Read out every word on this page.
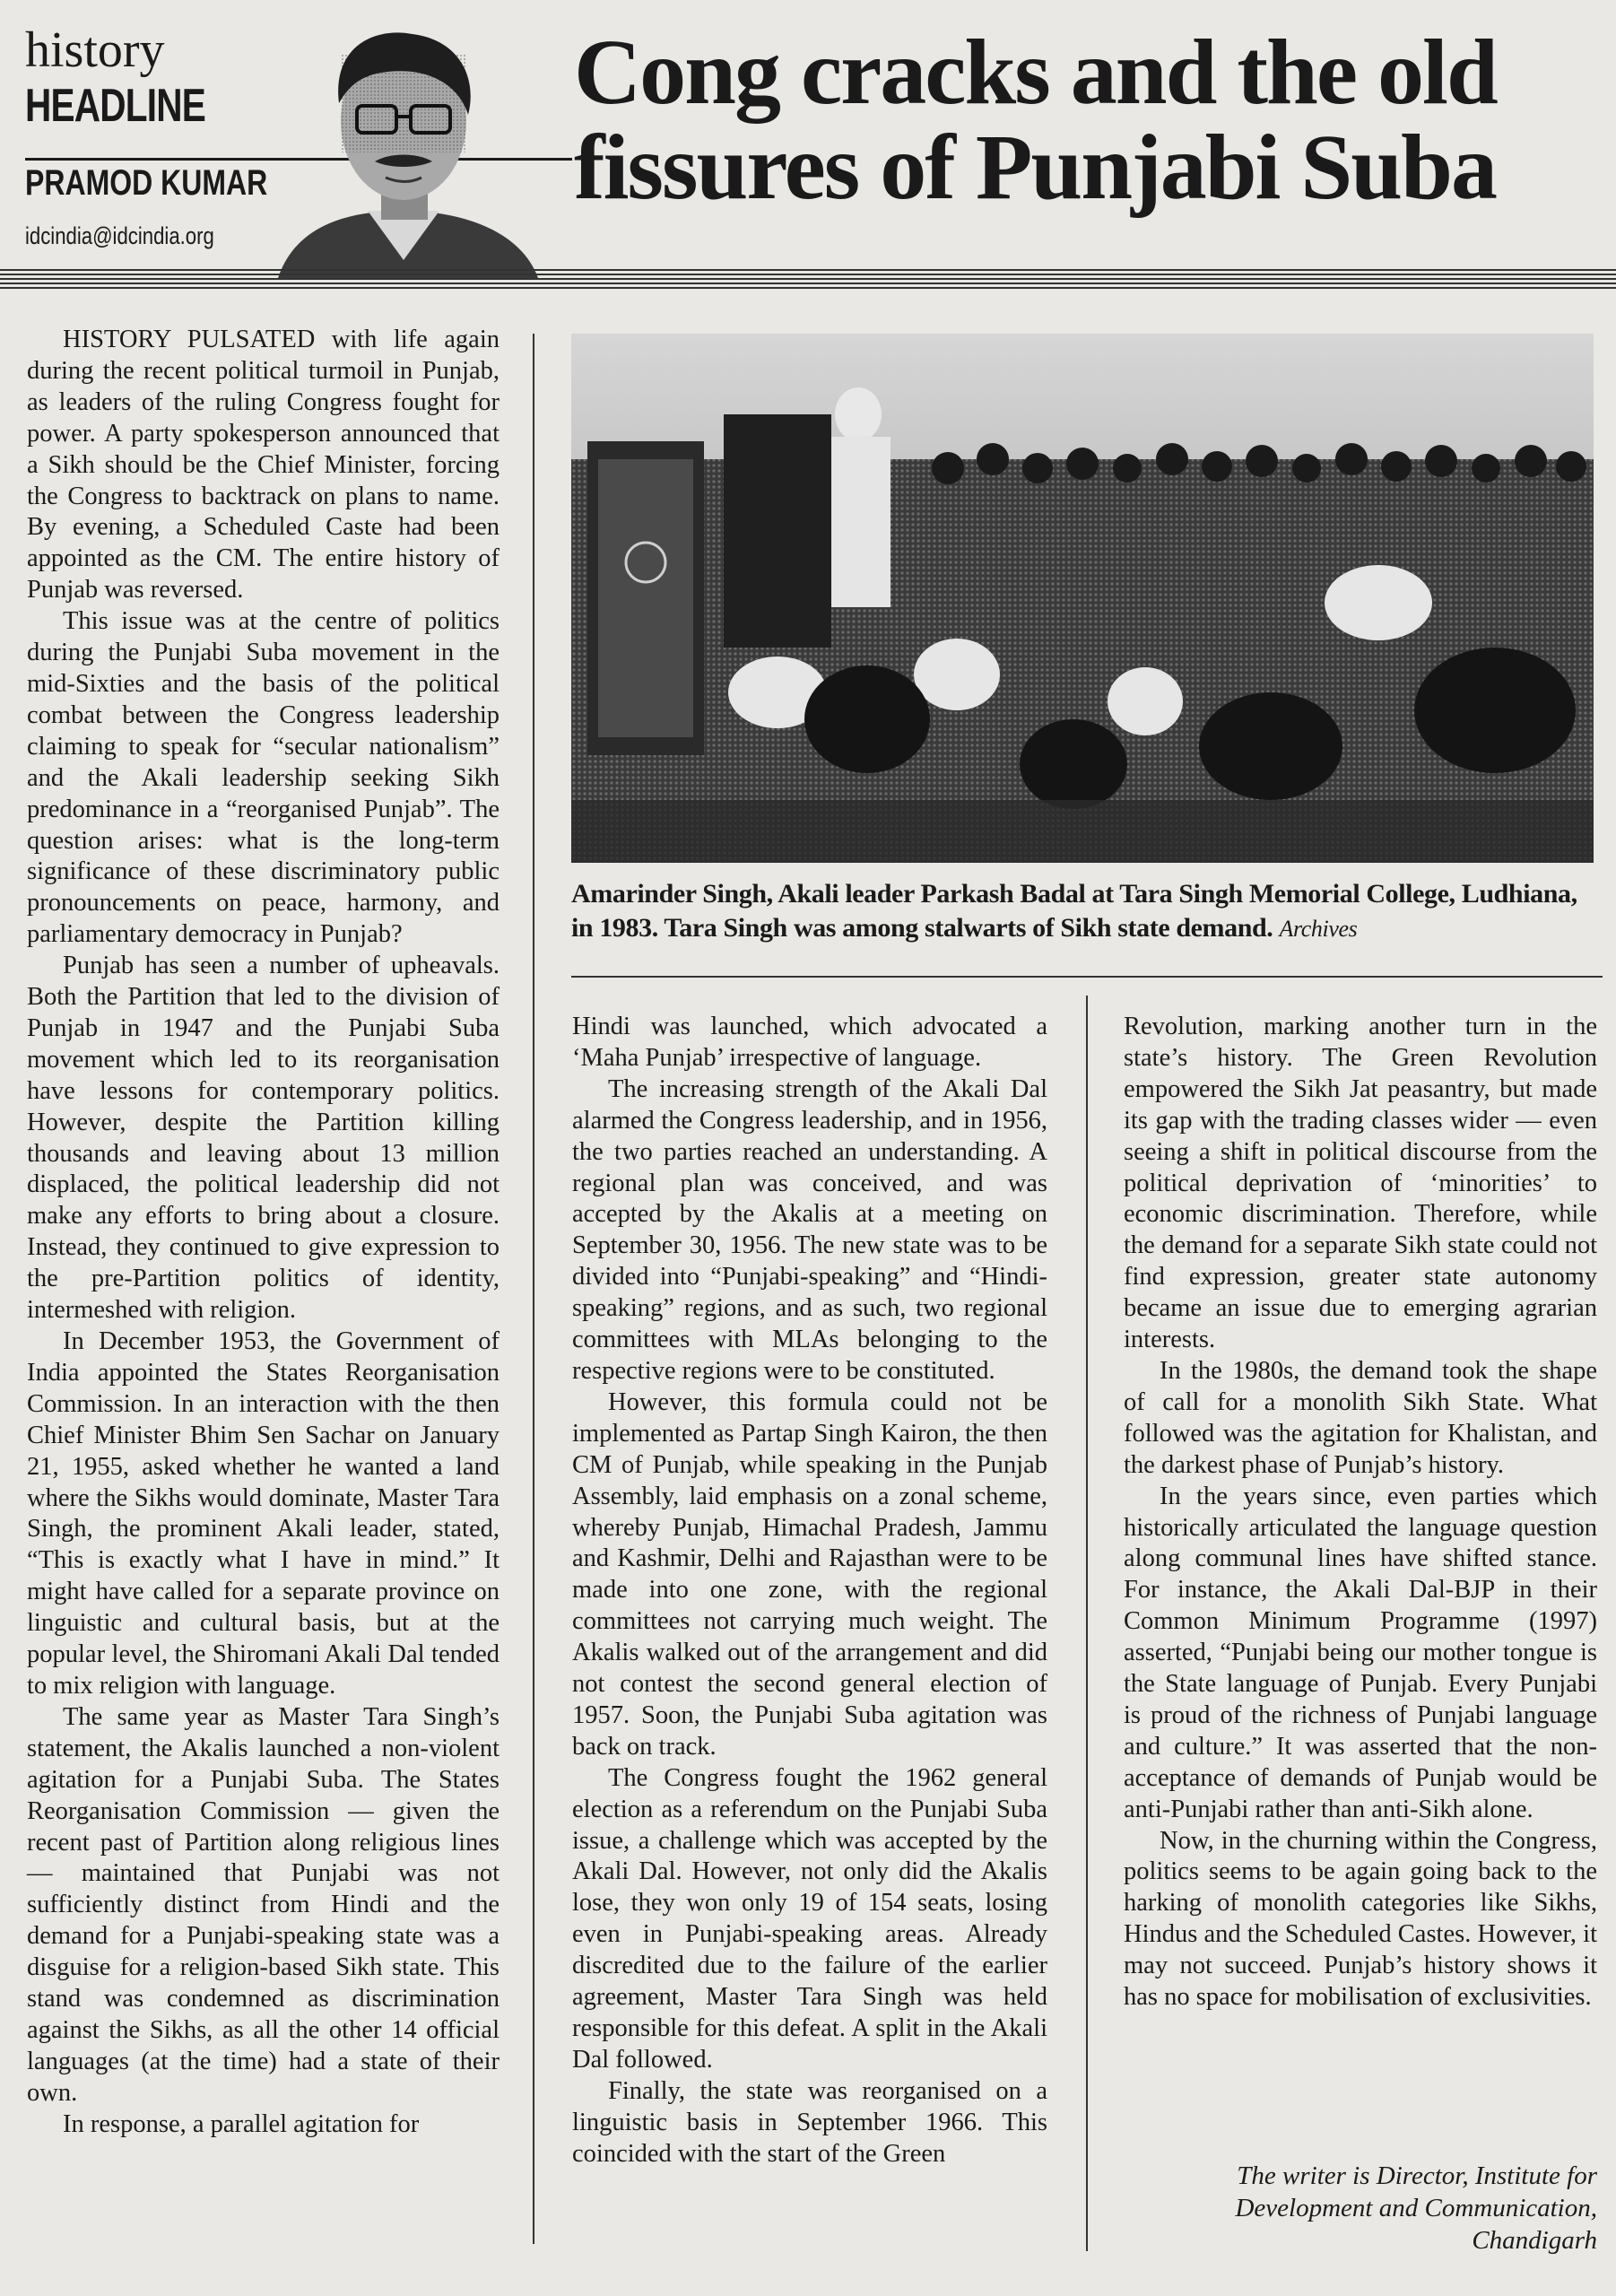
history
HEADLINE
PRAMOD KUMAR
idcindia@idcindia.org
Cong cracks and the old
fissures of Punjabi Suba

HISTORY PULSATED with life again during the recent political turmoil in Punjab, as leaders of the ruling Congress fought for power. A party spokesperson announced that a Sikh should be the Chief Minister, forcing the Congress to backtrack on plans to name. By evening, a Scheduled Caste had been appointed as the CM. The entire history of Punjab was reversed.

This issue was at the centre of politics during the Punjabi Suba movement in the mid-Sixties and the basis of the political combat between the Congress leadership claiming to speak for “secular nationalism” and the Akali leadership seeking Sikh predominance in a “reorganised Punjab”. The question arises: what is the long-term significance of these discriminatory public pronouncements on peace, harmony, and parliamentary democracy in Punjab?

Punjab has seen a number of upheavals. Both the Partition that led to the division of Punjab in 1947 and the Punjabi Suba movement which led to its reorganisation have lessons for contemporary politics. However, despite the Partition killing thousands and leaving about 13 million displaced, the political leadership did not make any efforts to bring about a closure. Instead, they continued to give expression to the pre-Partition politics of identity, intermeshed with religion.

In December 1953, the Government of India appointed the States Reorganisation Commission. In an interaction with the then Chief Minister Bhim Sen Sachar on January 21, 1955, asked whether he wanted a land where the Sikhs would dominate, Master Tara Singh, the prominent Akali leader, stated, “This is exactly what I have in mind.” It might have called for a separate province on linguistic and cultural basis, but at the popular level, the Shiromani Akali Dal tended to mix religion with language.

The same year as Master Tara Singh’s statement, the Akalis launched a non-violent agitation for a Punjabi Suba. The States Reorganisation Commission — given the recent past of Partition along religious lines — maintained that Punjabi was not sufficiently distinct from Hindi and the demand for a Punjabi-speaking state was a disguise for a religion-based Sikh state. This stand was condemned as discrimination against the Sikhs, as all the other 14 official languages (at the time) had a state of their own.

In response, a parallel agitation for

Amarinder Singh, Akali leader Parkash Badal at Tara Singh Memorial College, Ludhiana, in 1983. Tara Singh was among stalwarts of Sikh state demand. Archives

Hindi was launched, which advocated a ‘Maha Punjab’ irrespective of language.

The increasing strength of the Akali Dal alarmed the Congress leadership, and in 1956, the two parties reached an understanding. A regional plan was conceived, and was accepted by the Akalis at a meeting on September 30, 1956. The new state was to be divided into “Punjabi-speaking” and “Hindi-speaking” regions, and as such, two regional committees with MLAs belonging to the respective regions were to be constituted.

However, this formula could not be implemented as Partap Singh Kairon, the then CM of Punjab, while speaking in the Punjab Assembly, laid emphasis on a zonal scheme, whereby Punjab, Himachal Pradesh, Jammu and Kashmir, Delhi and Rajasthan were to be made into one zone, with the regional committees not carrying much weight. The Akalis walked out of the arrangement and did not contest the second general election of 1957. Soon, the Punjabi Suba agitation was back on track.

The Congress fought the 1962 general election as a referendum on the Punjabi Suba issue, a challenge which was accepted by the Akali Dal. However, not only did the Akalis lose, they won only 19 of 154 seats, losing even in Punjabi-speaking areas. Already discredited due to the failure of the earlier agreement, Master Tara Singh was held responsible for this defeat. A split in the Akali Dal followed.

Finally, the state was reorganised on a linguistic basis in September 1966. This coincided with the start of the Green

Revolution, marking another turn in the state’s history. The Green Revolution empowered the Sikh Jat peasantry, but made its gap with the trading classes wider — even seeing a shift in political discourse from the political deprivation of ‘minorities’ to economic discrimination. Therefore, while the demand for a separate Sikh state could not find expression, greater state autonomy became an issue due to emerging agrarian interests.

In the 1980s, the demand took the shape of call for a monolith Sikh State. What followed was the agitation for Khalistan, and the darkest phase of Punjab’s history.

In the years since, even parties which historically articulated the language question along communal lines have shifted stance. For instance, the Akali Dal-BJP in their Common Minimum Programme (1997) asserted, “Punjabi being our mother tongue is the State language of Punjab. Every Punjabi is proud of the richness of Punjabi language and culture.” It was asserted that the non-acceptance of demands of Punjab would be anti-Punjabi rather than anti-Sikh alone.

Now, in the churning within the Congress, politics seems to be again going back to the harking of monolith categories like Sikhs, Hindus and the Scheduled Castes. However, it may not succeed. Punjab’s history shows it has no space for mobilisation of exclusivities.

The writer is Director, Institute for
Development and Communication,
Chandigarh
